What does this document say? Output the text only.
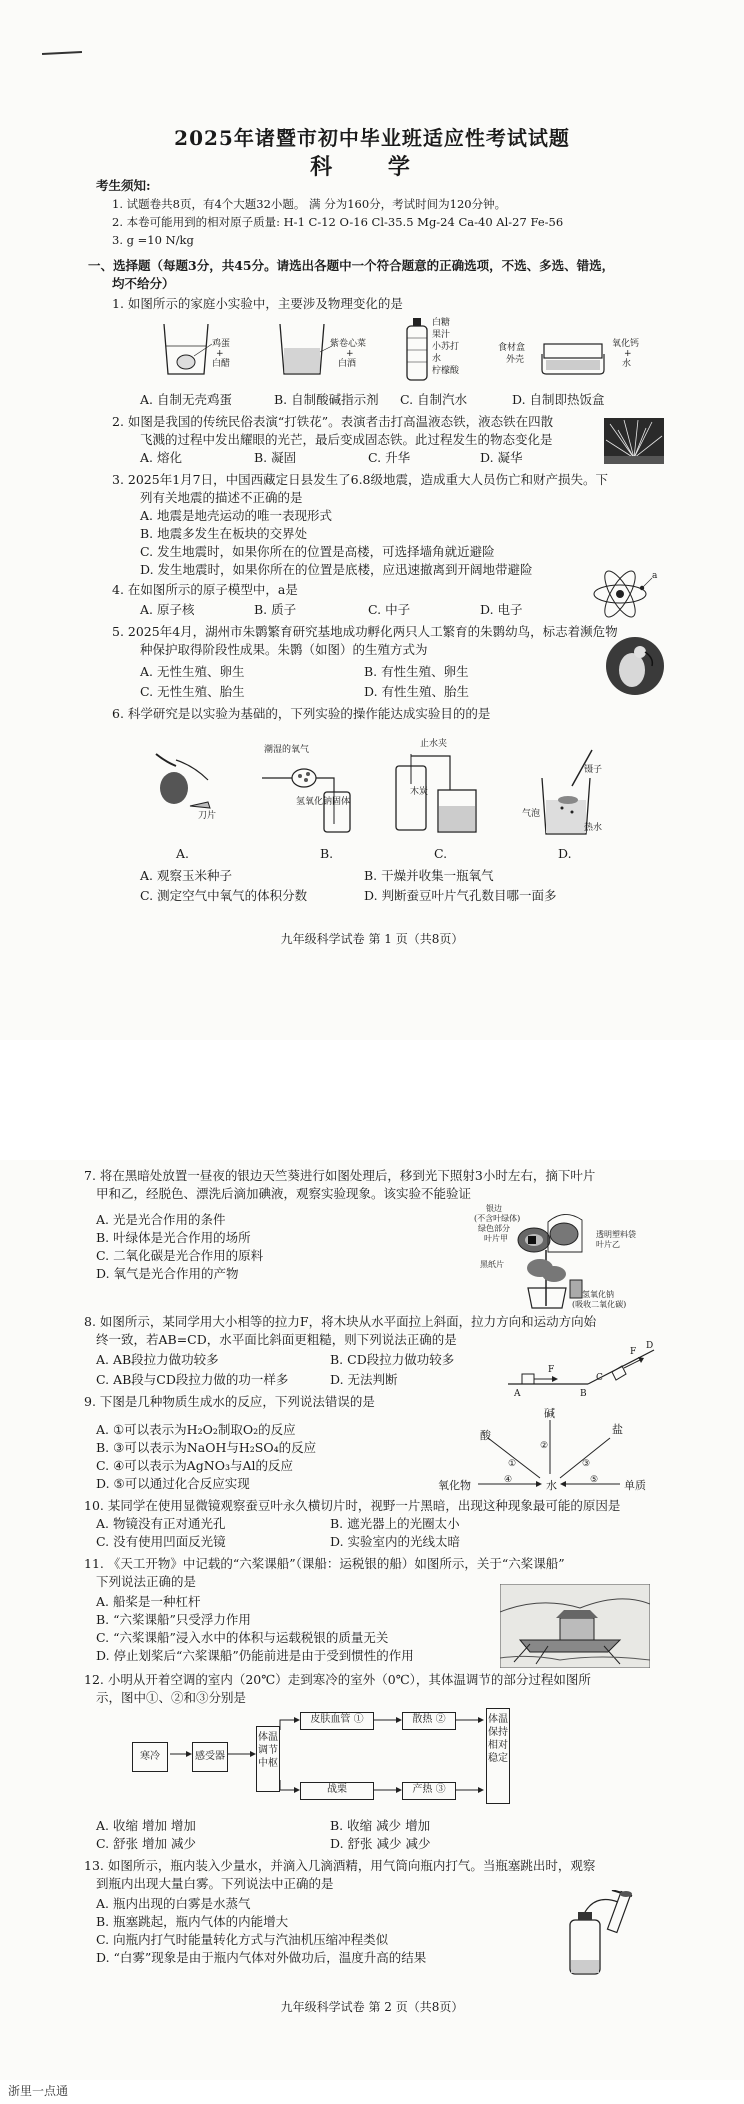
2025年诸暨市初中毕业班适应性考试试题
科 学
考生须知:
1. 试题卷共8页，有4个大题32小题。 满 分为160分，考试时间为120分钟。
2. 本卷可能用到的相对原子质量: H-1 C-12 O-16 Cl-35.5 Mg-24 Ca-40 Al-27 Fe-56
3. g =10 N/kg
一、选择题（每题3分，共45分。请选出各题中一个符合题意的正确选项，不选、多选、错选，
均不给分）
1. 如图所示的家庭小实验中，主要涉及物理变化的是
鸡蛋
+
白醋
紫卷心菜
+
白酒
白糖
果汁
小苏打
水
柠檬酸
食材盒
外壳
氧化钙
+
水
A. 自制无壳鸡蛋	B. 自制酸碱指示剂 C. 自制汽水	D. 自制即热饭盒
2. 如图是我国的传统民俗表演“打铁花”。表演者击打高温液态铁，液态铁在四散
飞溅的过程中发出耀眼的光芒，最后变成固态铁。此过程发生的物态变化是
A. 熔化	B. 凝固	C. 升华	D. 凝华
3. 2025年1月7日，中国西藏定日县发生了6.8级地震，造成重大人员伤亡和财产损失。下
列有关地震的描述不正确的是
A. 地震是地壳运动的唯一表现形式
B. 地震多发生在板块的交界处
C. 发生地震时，如果你所在的位置是高楼，可选择墙角就近避险
D. 发生地震时，如果你所在的位置是底楼，应迅速撤离到开阔地带避险
4. 在如图所示的原子模型中，a是
A. 原子核	B. 质子	C. 中子	D. 电子
a
5. 2025年4月，湖州市朱鹮繁育研究基地成功孵化两只人工繁育的朱鹮幼鸟，标志着濒危物
种保护取得阶段性成果。朱鹮（如图）的生殖方式为
A. 无性生殖、卵生	B. 有性生殖、卵生
C. 无性生殖、胎生	D. 有性生殖、胎生
6. 科学研究是以实验为基础的，下列实验的操作能达成实验目的的是
刀片
潮湿的氧气
氢氧化钠固体
止水夹
木炭
镊子
气泡
热水
A.	B.	C.	D.
A. 观察玉米种子	B. 干燥并收集一瓶氧气
C. 测定空气中氧气的体积分数	D. 判断蚕豆叶片气孔数目哪一面多
九年级科学试卷 第 1 页（共8页）
7. 将在黑暗处放置一昼夜的银边天竺葵进行如图处理后，移到光下照射3小时左右，摘下叶片
甲和乙，经脱色、漂洗后滴加碘液，观察实验现象。该实验不能验证
A. 光是光合作用的条件
B. 叶绿体是光合作用的场所
C. 二氧化碳是光合作用的原料
D. 氧气是光合作用的产物
银边
(不含叶绿体)
绿色部分
叶片甲	透明塑料袋
叶片乙
黑纸片
氢氧化钠
(吸收二氧化碳)
8. 如图所示，某同学用大小相等的拉力F，将木块从水平面拉上斜面，拉力方向和运动方向始
终一致，若AB=CD，水平面比斜面更粗糙，则下列说法正确的是
A. AB段拉力做功较多	B. CD段拉力做功较多
C. AB段与CD段拉力做的功一样多	D. 无法判断
A	B
C
D
F
F
9. 下图是几种物质生成水的反应，下列说法错误的是
A. ①可以表示为H₂O₂制取O₂的反应
B. ③可以表示为NaOH与H₂SO₄的反应
C. ④可以表示为AgNO₃与Al的反应
D. ⑤可以通过化合反应实现
酸
碱
盐
氧化物	水	单质
①
②
③
④	⑤
10. 某同学在使用显微镜观察蚕豆叶永久横切片时，视野一片黑暗，出现这种现象最可能的原因是
A. 物镜没有正对通光孔	B. 遮光器上的光圈太小
C. 没有使用凹面反光镜	D. 实验室内的光线太暗
11. 《天工开物》中记载的“六桨课船”（课船：运税银的船）如图所示，关于“六桨课船”
下列说法正确的是
A. 船桨是一种杠杆
B. “六桨课船”只受浮力作用
C. “六桨课船”浸入水中的体积与运载税银的质量无关
D. 停止划桨后“六桨课船”仍能前进是由于受到惯性的作用
12. 小明从开着空调的室内（20℃）走到寒冷的室外（0℃），其体温调节的部分过程如图所
示，图中①、②和③分别是
寒冷	感受器
体温调节中枢
皮肤血管 ①	散热 ②
战栗	产热 ③
体温保持相对稳定
A. 收缩 增加 增加	B. 收缩 减少 增加
C. 舒张 增加 减少	D. 舒张 减少 减少
13. 如图所示，瓶内装入少量水，并滴入几滴酒精，用气筒向瓶内打气。当瓶塞跳出时，观察
到瓶内出现大量白雾。下列说法中正确的是
A. 瓶内出现的白雾是水蒸气
B. 瓶塞跳起，瓶内气体的内能增大
C. 向瓶内打气时能量转化方式与汽油机压缩冲程类似
D. “白雾”现象是由于瓶内气体对外做功后，温度升高的结果
九年级科学试卷 第 2 页（共8页）
浙里一点通
